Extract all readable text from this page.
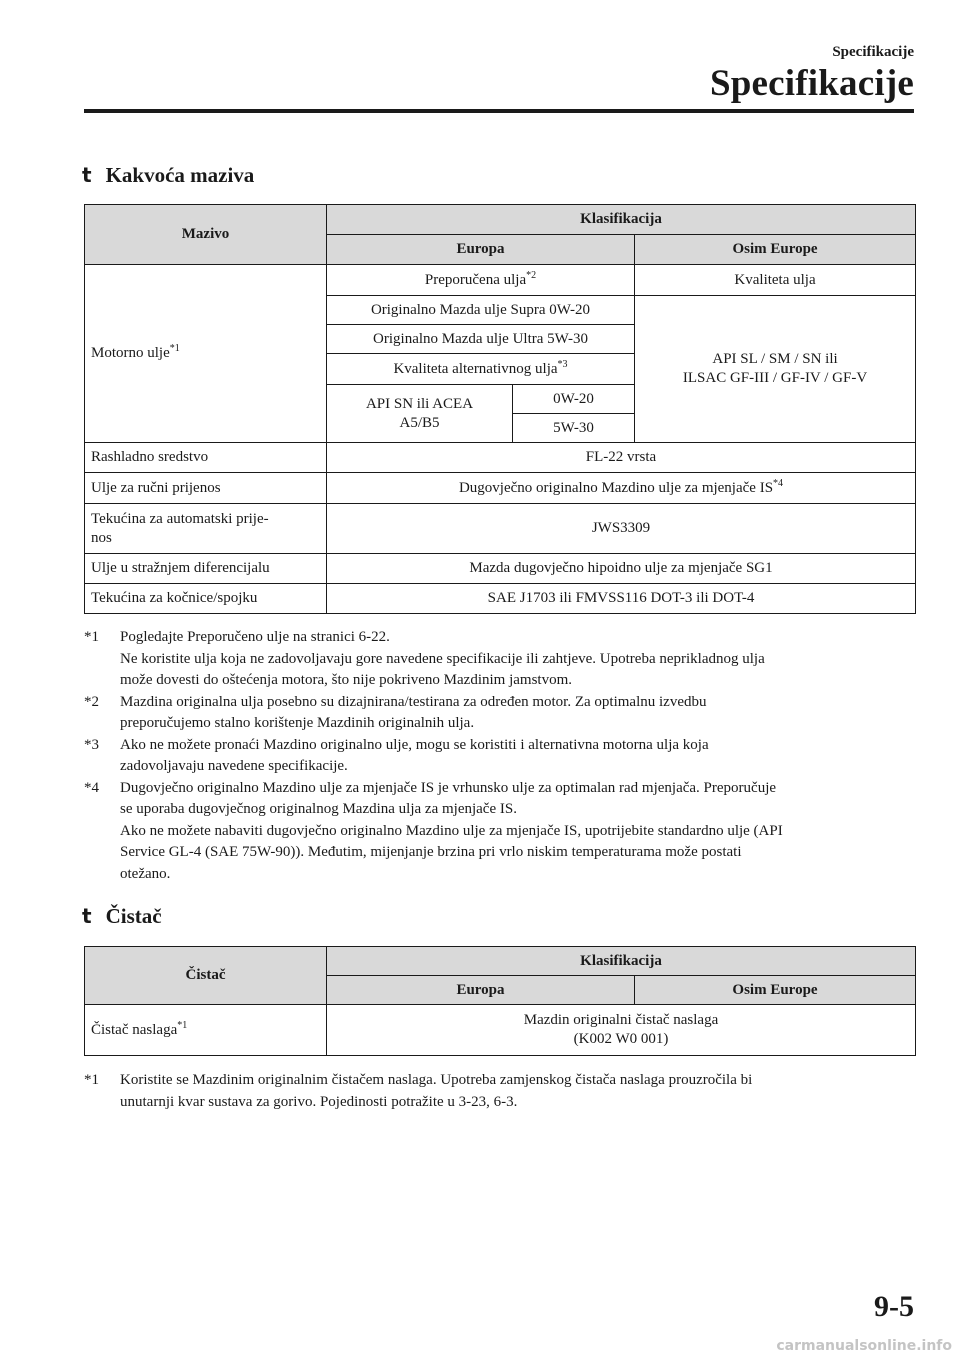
Specifikacije
Specifikacije
t Kakvoća maziva
Mazivo	Klasifikacija		
	Europa		Osim Europe
Motorno ulje$^{*1}$	Preporučena ulja$^{*2}$		Kvaliteta ulja
	Originalno Mazda ulje Supra 0W-20		API SL / SM / SN ili
ILSAC GF-III / GF-IV / GF-V

	Originalno Mazda ulje Ultra 5W-30		
	Kvaliteta alternativnog ulja$^{*3}$

	API SN ili ACEA
A5/B5	0W-20	
		5W-30	
Rashladno sredstvo	FL-22 vrsta		
Ulje za ručni prijenos	Dugovječno originalno Mazdino ulje za mjenjače IS$^{*4}$

Tekućina za automatski prije-
nos	JWS3309		
Ulje u stražnjem diferencijalu	Mazda dugovječno hipoidno ulje za mjenjače SG1		
Tekućina za kočnice/spojku	SAE J1703 ili FMVSS116 DOT-3 ili DOT-4		
*1 Pogledajte Preporučeno ulje na stranici 6-22.
Ne koristite ulja koja ne zadovoljavaju gore navedene specifikacije ili zahtjeve. Upotreba neprikladnog ulja
može dovesti do oštećenja motora, što nije pokriveno Mazdinim jamstvom.
*2 Mazdina originalna ulja posebno su dizajnirana/testirana za određen motor. Za optimalnu izvedbu
preporučujemo stalno korištenje Mazdinih originalnih ulja.
*3 Ako ne možete pronaći Mazdino originalno ulje, mogu se koristiti i alternativna motorna ulja koja
zadovoljavaju navedene specifikacije.
*4 Dugovječno originalno Mazdino ulje za mjenjače IS je vrhunsko ulje za optimalan rad mjenjača. Preporučuje
se uporaba dugovječnog originalnog Mazdina ulja za mjenjače IS.
Ako ne možete nabaviti dugovječno originalno Mazdino ulje za mjenjače IS, upotrijebite standardno ulje (API
Service GL-4 (SAE 75W-90)). Međutim, mijenjanje brzina pri vrlo niskim temperaturama može postati
otežano.
t Čistač
Čistač	Klasifikacija	
	Europa	Osim Europe
Čistač naslaga$^{*1}$	Mazdin originalni čistač naslaga
(K002 W0 001)	
*1 Koristite se Mazdinim originalnim čistačem naslaga. Upotreba zamjenskog čistača naslaga prouzročila bi
unutarnji kvar sustava za gorivo. Pojedinosti potražite u 3-23, 6-3.
9-5
carmanualsonline.info
